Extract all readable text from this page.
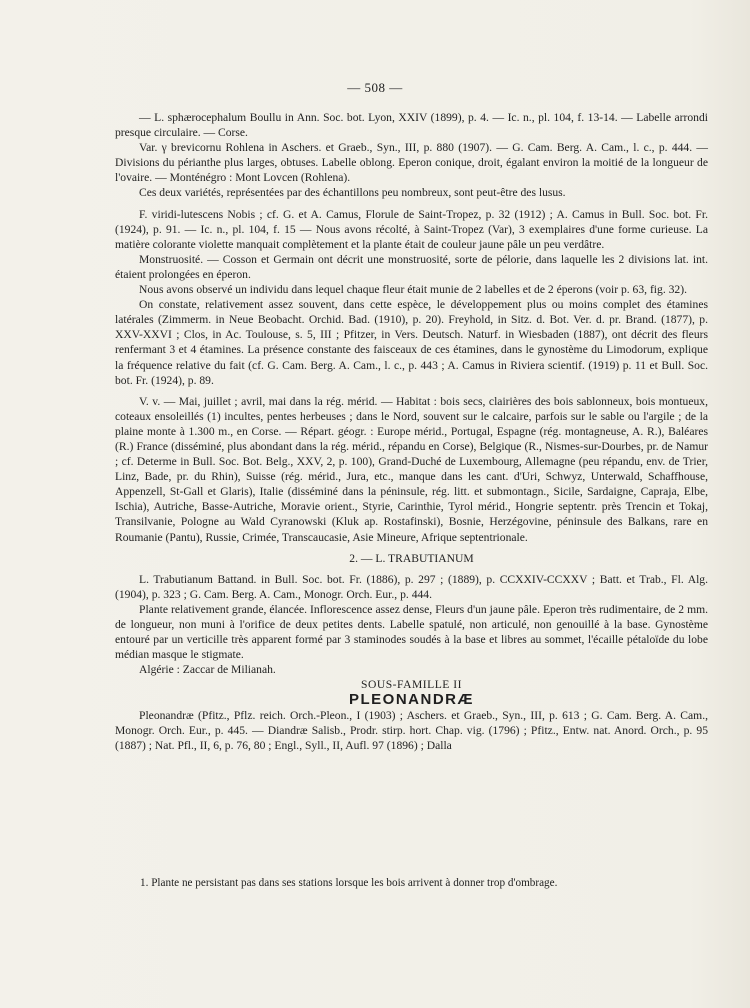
— 508 —

— L. sphærocephalum Boullu in Ann. Soc. bot. Lyon, XXIV (1899), p. 4. — Ic. n., pl. 104, f. 13-14. — Labelle arrondi presque circulaire. — Corse.

Var. γ brevicornu Rohlena in Aschers. et Graeb., Syn., III, p. 880 (1907). — G. Cam. Berg. A. Cam., l. c., p. 444. — Divisions du périanthe plus larges, obtuses. Labelle oblong. Eperon conique, droit, égalant environ la moitié de la longueur de l'ovaire. — Monténégro : Mont Lovcen (Rohlena).

Ces deux variétés, représentées par des échantillons peu nombreux, sont peut-être des lusus.

F. viridi-lutescens Nobis ; cf. G. et A. Camus, Florule de Saint-Tropez, p. 32 (1912) ; A. Camus in Bull. Soc. bot. Fr. (1924), p. 91. — Ic. n., pl. 104, f. 15 — Nous avons récolté, à Saint-Tropez (Var), 3 exemplaires d'une forme curieuse. La matière colorante violette manquait complètement et la plante était de couleur jaune pâle un peu verdâtre.

Monstruosité. — Cosson et Germain ont décrit une monstruosité, sorte de pélorie, dans laquelle les 2 divisions lat. int. étaient prolongées en éperon.

Nous avons observé un individu dans lequel chaque fleur était munie de 2 labelles et de 2 éperons (voir p. 63, fig. 32).

On constate, relativement assez souvent, dans cette espèce, le développement plus ou moins complet des étamines latérales (Zimmerm. in Neue Beobacht. Orchid. Bad. (1910), p. 20). Freyhold, in Sitz. d. Bot. Ver. d. pr. Brand. (1877), p. XXV-XXVI ; Clos, in Ac. Toulouse, s. 5, III ; Pfitzer, in Vers. Deutsch. Naturf. in Wiesbaden (1887), ont décrit des fleurs renfermant 3 et 4 étamines. La présence constante des faisceaux de ces étamines, dans le gynostème du Limodorum, explique la fréquence relative du fait (cf. G. Cam. Berg. A. Cam., l. c., p. 443 ; A. Camus in Riviera scientif. (1919) p. 11 et Bull. Soc. bot. Fr. (1924), p. 89.

V. v. — Mai, juillet ; avril, mai dans la rég. mérid. — Habitat : bois secs, clairières des bois sablonneux, bois montueux, coteaux ensoleillés (1) incultes, pentes herbeuses ; dans le Nord, souvent sur le calcaire, parfois sur le sable ou l'argile ; de la plaine monte à 1.300 m., en Corse. — Répart. géogr. : Europe mérid., Portugal, Espagne (rég. montagneuse, A. R.), Baléares (R.) France (disséminé, plus abondant dans la rég. mérid., répandu en Corse), Belgique (R., Nismes-sur-Dourbes, pr. de Namur ; cf. Determe in Bull. Soc. Bot. Belg., XXV, 2, p. 100), Grand-Duché de Luxembourg, Allemagne (peu répandu, env. de Trier, Linz, Bade, pr. du Rhin), Suisse (rég. mérid., Jura, etc., manque dans les cant. d'Uri, Schwyz, Unterwald, Schaffhouse, Appenzell, St-Gall et Glaris), Italie (disséminé dans la péninsule, rég. litt. et submontagn., Sicile, Sardaigne, Capraja, Elbe, Ischia), Autriche, Basse-Autriche, Moravie orient., Styrie, Carinthie, Tyrol mérid., Hongrie septentr. près Trencin et Tokaj, Transilvanie, Pologne au Wald Cyranowski (Kluk ap. Rostafinski), Bosnie, Herzégovine, péninsule des Balkans, rare en Roumanie (Pantu), Russie, Crimée, Transcaucasie, Asie Mineure, Afrique septentrionale.

2. — L. TRABUTIANUM

L. Trabutianum Battand. in Bull. Soc. bot. Fr. (1886), p. 297 ; (1889), p. CCXXIV-CCXXV ; Batt. et Trab., Fl. Alg. (1904), p. 323 ; G. Cam. Berg. A. Cam., Monogr. Orch. Eur., p. 444.

Plante relativement grande, élancée. Inflorescence assez dense, Fleurs d'un jaune pâle. Eperon très rudimentaire, de 2 mm. de longueur, non muni à l'orifice de deux petites dents. Labelle spatulé, non articulé, non genouillé à la base. Gynostème entouré par un verticille très apparent formé par 3 staminodes soudés à la base et libres au sommet, l'écaille pétaloïde du lobe médian masque le stigmate.

Algérie : Zaccar de Milianah.

SOUS-FAMILLE II

PLEONANDRÆ

Pleonandræ (Pfitz., Pflz. reich. Orch.-Pleon., I (1903) ; Aschers. et Graeb., Syn., III, p. 613 ; G. Cam. Berg. A. Cam., Monogr. Orch. Eur., p. 445. — Diandræ Salisb., Prodr. stirp. hort. Chap. vig. (1796) ; Pfitz., Entw. nat. Anord. Orch., p. 95 (1887) ; Nat. Pfl., II, 6, p. 76, 80 ; Engl., Syll., II, Aufl. 97 (1896) ; Dalla

1. Plante ne persistant pas dans ses stations lorsque les bois arrivent à donner trop d'ombrage.
